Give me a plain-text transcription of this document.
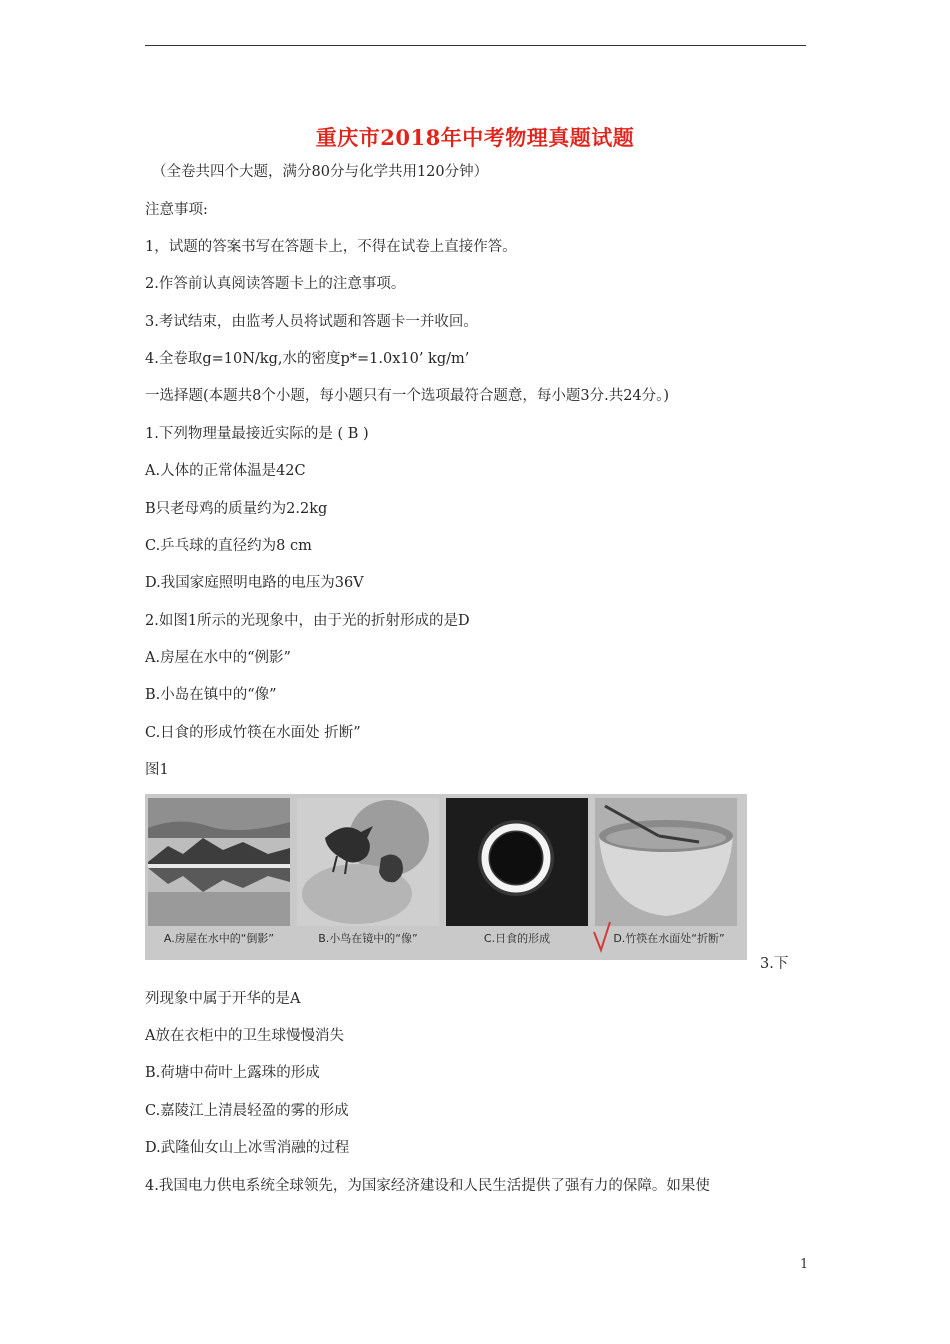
重庆市2018年中考物理真题试题
（全卷共四个大题，满分80分与化学共用120分钟）
注意事项:
1，试题的答案书写在答题卡上，不得在试卷上直接作答。
2.作答前认真阅读答题卡上的注意事项。
3.考试结束，由监考人员将试题和答题卡一并收回。
4.全卷取g=10N/kg,水的密度p*=1.0x10’ kg/m’
一选择题(本题共8个小题，每小题只有一个选项最符合题意，每小题3分.共24分。)
1.下列物理量最接近实际的是 ( B )
A.人体的正常体温是42C
B只老母鸡的质量约为2.2kg
C.乒乓球的直径约为8 cm
D.我国家庭照明电路的电压为36V
2.如图1所示的光现象中，由于光的折射形成的是D
A.房屋在水中的“例影”
B.小岛在镇中的“像”
C.日食的形成竹筷在水面处 折断”
图1
A.房屋在水中的“倒影”	B.小鸟在镜中的“像”	C.日食的形成	D.竹筷在水面处“折断”
3.下
列现象中属于开华的是A
A放在衣柜中的卫生球慢慢消失
B.荷塘中荷叶上露珠的形成
C.嘉陵江上清晨轻盈的雾的形成
D.武隆仙女山上冰雪消融的过程
4.我国电力供电系统全球领先，为国家经济建设和人民生活提供了强有力的保障。如果使
1
